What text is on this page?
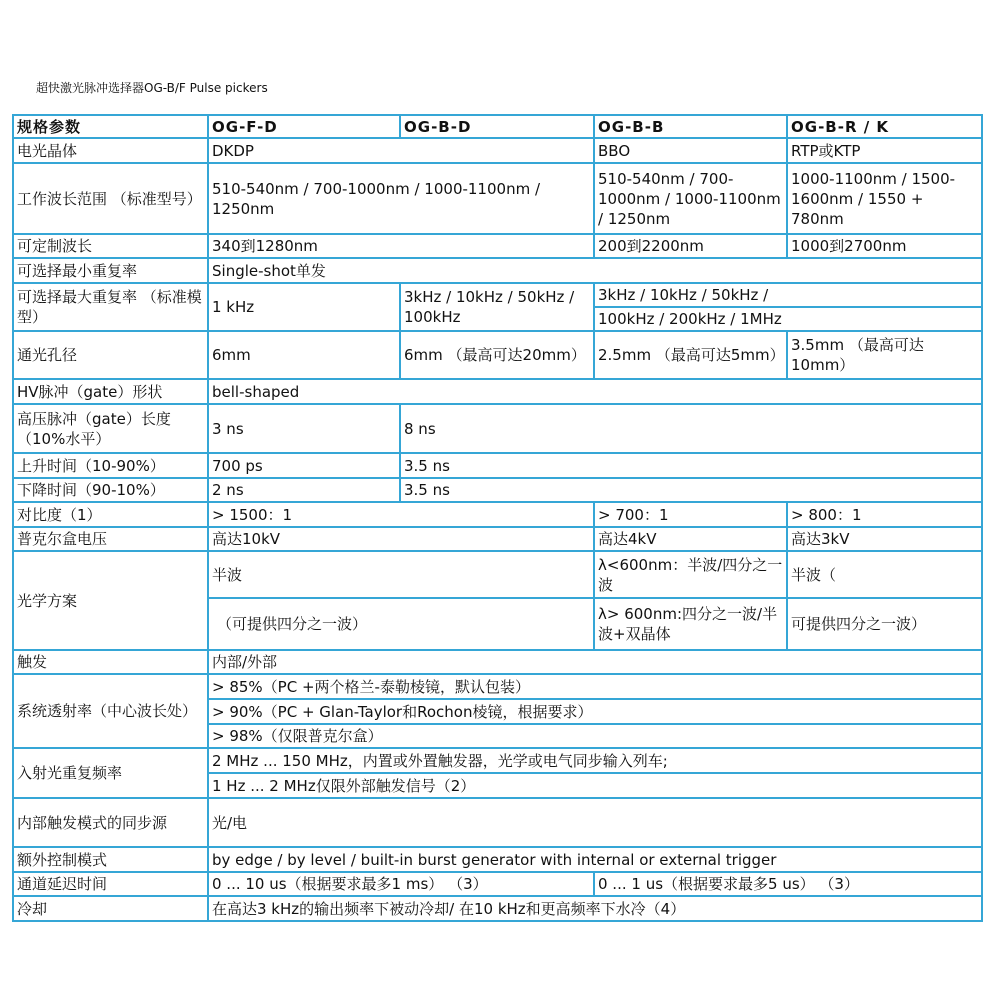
超快激光脉冲选择器OG-B/F Pulse pickers
规格参数	OG-F-D	OG-B-D	OG-B-B	OG-B-R / K
电光晶体	DKDP		BBO	RTP或KTP
工作波长范围 （标准型号）	510-540nm / 700-1000nm / 1000-1100nm / 1250nm		510-540nm / 700-1000nm / 1000-1100nm / 1250nm	1000-1100nm / 1500-1600nm / 1550 + 780nm
可定制波长	340到1280nm		200到2200nm	1000到2700nm
可选择最小重复率	Single-shot单发			
可选择最大重复率 （标准模型）	1 kHz	3kHz / 10kHz / 50kHz / 100kHz	3kHz / 10kHz / 50kHz /	
			100kHz / 200kHz / 1MHz	
通光孔径	6mm	6mm （最高可达20mm）	2.5mm （最高可达5mm）	3.5mm （最高可达10mm）
HV脉冲（gate）形状	bell-shaped			
高压脉冲（gate）长度 （10%水平）	3 ns	8 ns		
上升时间（10-90%）	700 ps	3.5 ns		
下降时间（90-10%）	2 ns	3.5 ns		
对比度（1）	> 1500：1		> 700：1	> 800：1
普克尔盒电压	高达10kV		高达4kV	高达3kV
光学方案	半波		λ<600nm：半波/四分之一波	半波（
	（可提供四分之一波）		λ> 600nm:四分之一波/半波+双晶体	可提供四分之一波）
触发	内部/外部			
系统透射率（中心波长处）	> 85%（PC +两个格兰-泰勒棱镜，默认包装）			
	> 90%（PC + Glan-Taylor和Rochon棱镜，根据要求）			
	> 98%（仅限普克尔盒）			
入射光重复频率	2 MHz ... 150 MHz，内置或外置触发器，光学或电气同步输入列车;			
	1 Hz ... 2 MHz仅限外部触发信号（2）			
内部触发模式的同步源	光/电			
额外控制模式	by edge / by level / built-in burst generator with internal or external trigger			
通道延迟时间	0 ... 10 us（根据要求最多1 ms） （3）		0 ... 1 us（根据要求最多5 us） （3）	
冷却	在高达3 kHz的输出频率下被动冷却/ 在10 kHz和更高频率下水冷（4）			
